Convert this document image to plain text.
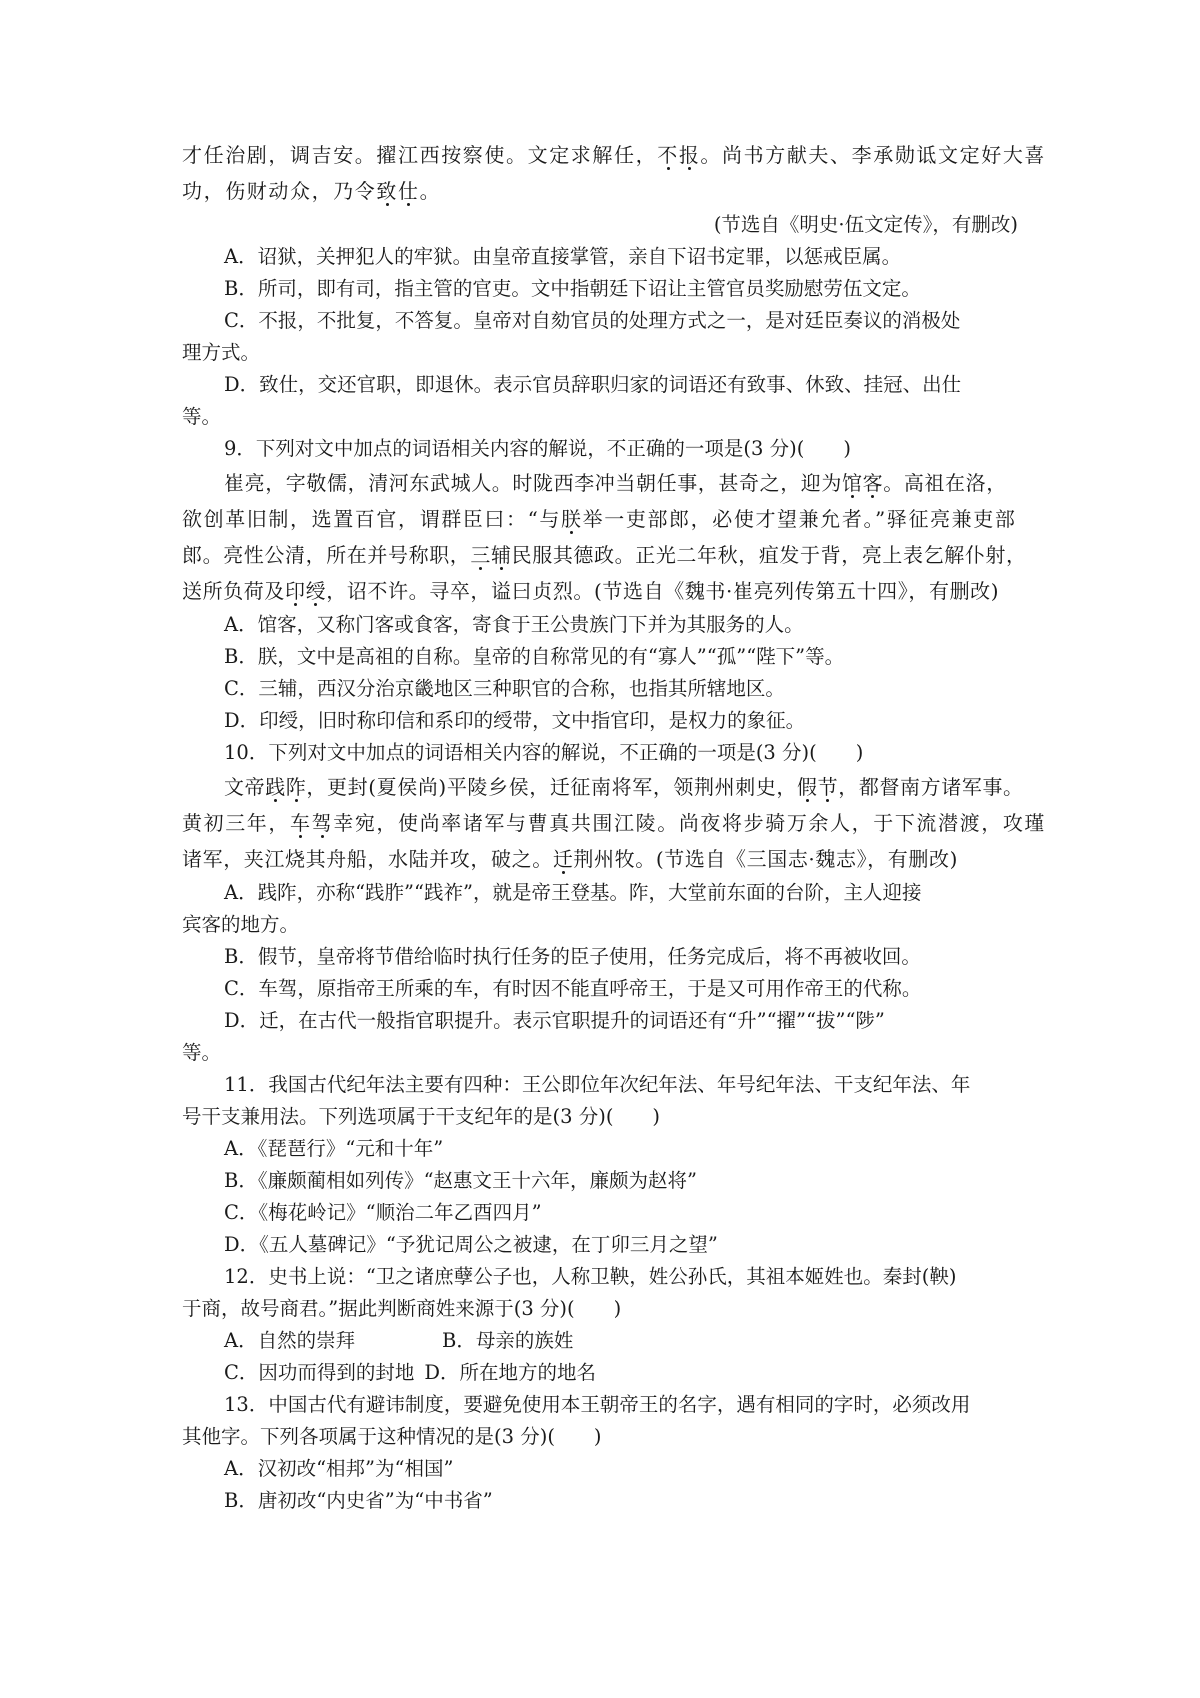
才任治剧，调吉安。擢江西按察使。文定求解任，不报。尚书方献夫、李承勋诋文定好大喜
功，伤财动众，乃令致仕。
(节选自《明史·伍文定传》，有删改)
A．诏狱，关押犯人的牢狱。由皇帝直接掌管，亲自下诏书定罪，以惩戒臣属。
B．所司，即有司，指主管的官吏。文中指朝廷下诏让主管官员奖励慰劳伍文定。
C．不报，不批复，不答复。皇帝对自劾官员的处理方式之一，是对廷臣奏议的消极处
理方式。
D．致仕，交还官职，即退休。表示官员辞职归家的词语还有致事、休致、挂冠、出仕
等。
9．下列对文中加点的词语相关内容的解说，不正确的一项是(3 分)(　　)
崔亮，字敬儒，清河东武城人。时陇西李冲当朝任事，甚奇之，迎为馆客。高祖在洛，
欲创革旧制，选置百官，谓群臣曰：“与朕举一吏部郎，必使才望兼允者。”驿征亮兼吏部
郎。亮性公清，所在并号称职，三辅民服其德政。正光二年秋，疽发于背，亮上表乞解仆射，
送所负荷及印绶，诏不许。寻卒，谥曰贞烈。(节选自《魏书·崔亮列传第五十四》，有删改)
A．馆客，又称门客或食客，寄食于王公贵族门下并为其服务的人。
B．朕，文中是高祖的自称。皇帝的自称常见的有“寡人”“孤”“陛下”等。
C．三辅，西汉分治京畿地区三种职官的合称，也指其所辖地区。
D．印绶，旧时称印信和系印的绶带，文中指官印，是权力的象征。
10．下列对文中加点的词语相关内容的解说，不正确的一项是(3 分)(　　)
文帝践阼，更封(夏侯尚)平陵乡侯，迁征南将军，领荆州刺史，假节，都督南方诸军事。
黄初三年，车驾幸宛，使尚率诸军与曹真共围江陵。尚夜将步骑万余人，于下流潜渡，攻瑾
诸军，夹江烧其舟船，水陆并攻，破之。迁荆州牧。(节选自《三国志·魏志》，有删改)
A．践阼，亦称“践胙”“践祚”，就是帝王登基。阼，大堂前东面的台阶，主人迎接
宾客的地方。
B．假节，皇帝将节借给临时执行任务的臣子使用，任务完成后，将不再被收回。
C．车驾，原指帝王所乘的车，有时因不能直呼帝王，于是又可用作帝王的代称。
D．迁，在古代一般指官职提升。表示官职提升的词语还有“升”“擢”“拔”“陟”
等。
11．我国古代纪年法主要有四种：王公即位年次纪年法、年号纪年法、干支纪年法、年
号干支兼用法。下列选项属于干支纪年的是(3 分)(　　)
A．《琵琶行》“元和十年”
B．《廉颇蔺相如列传》“赵惠文王十六年，廉颇为赵将”
C．《梅花岭记》“顺治二年乙酉四月”
D．《五人墓碑记》“予犹记周公之被逮，在丁卯三月之望”
12．史书上说：“卫之诸庶孽公子也，人称卫鞅，姓公孙氏，其祖本姬姓也。秦封(鞅)
于商，故号商君。”据此判断商姓来源于(3 分)(　　)
A．自然的崇拜	B．母亲的族姓
C．因功而得到的封地 D．所在地方的地名
13．中国古代有避讳制度，要避免使用本王朝帝王的名字，遇有相同的字时，必须改用
其他字。下列各项属于这种情况的是(3 分)(　　)
A．汉初改“相邦”为“相国”
B．唐初改“内史省”为“中书省”
